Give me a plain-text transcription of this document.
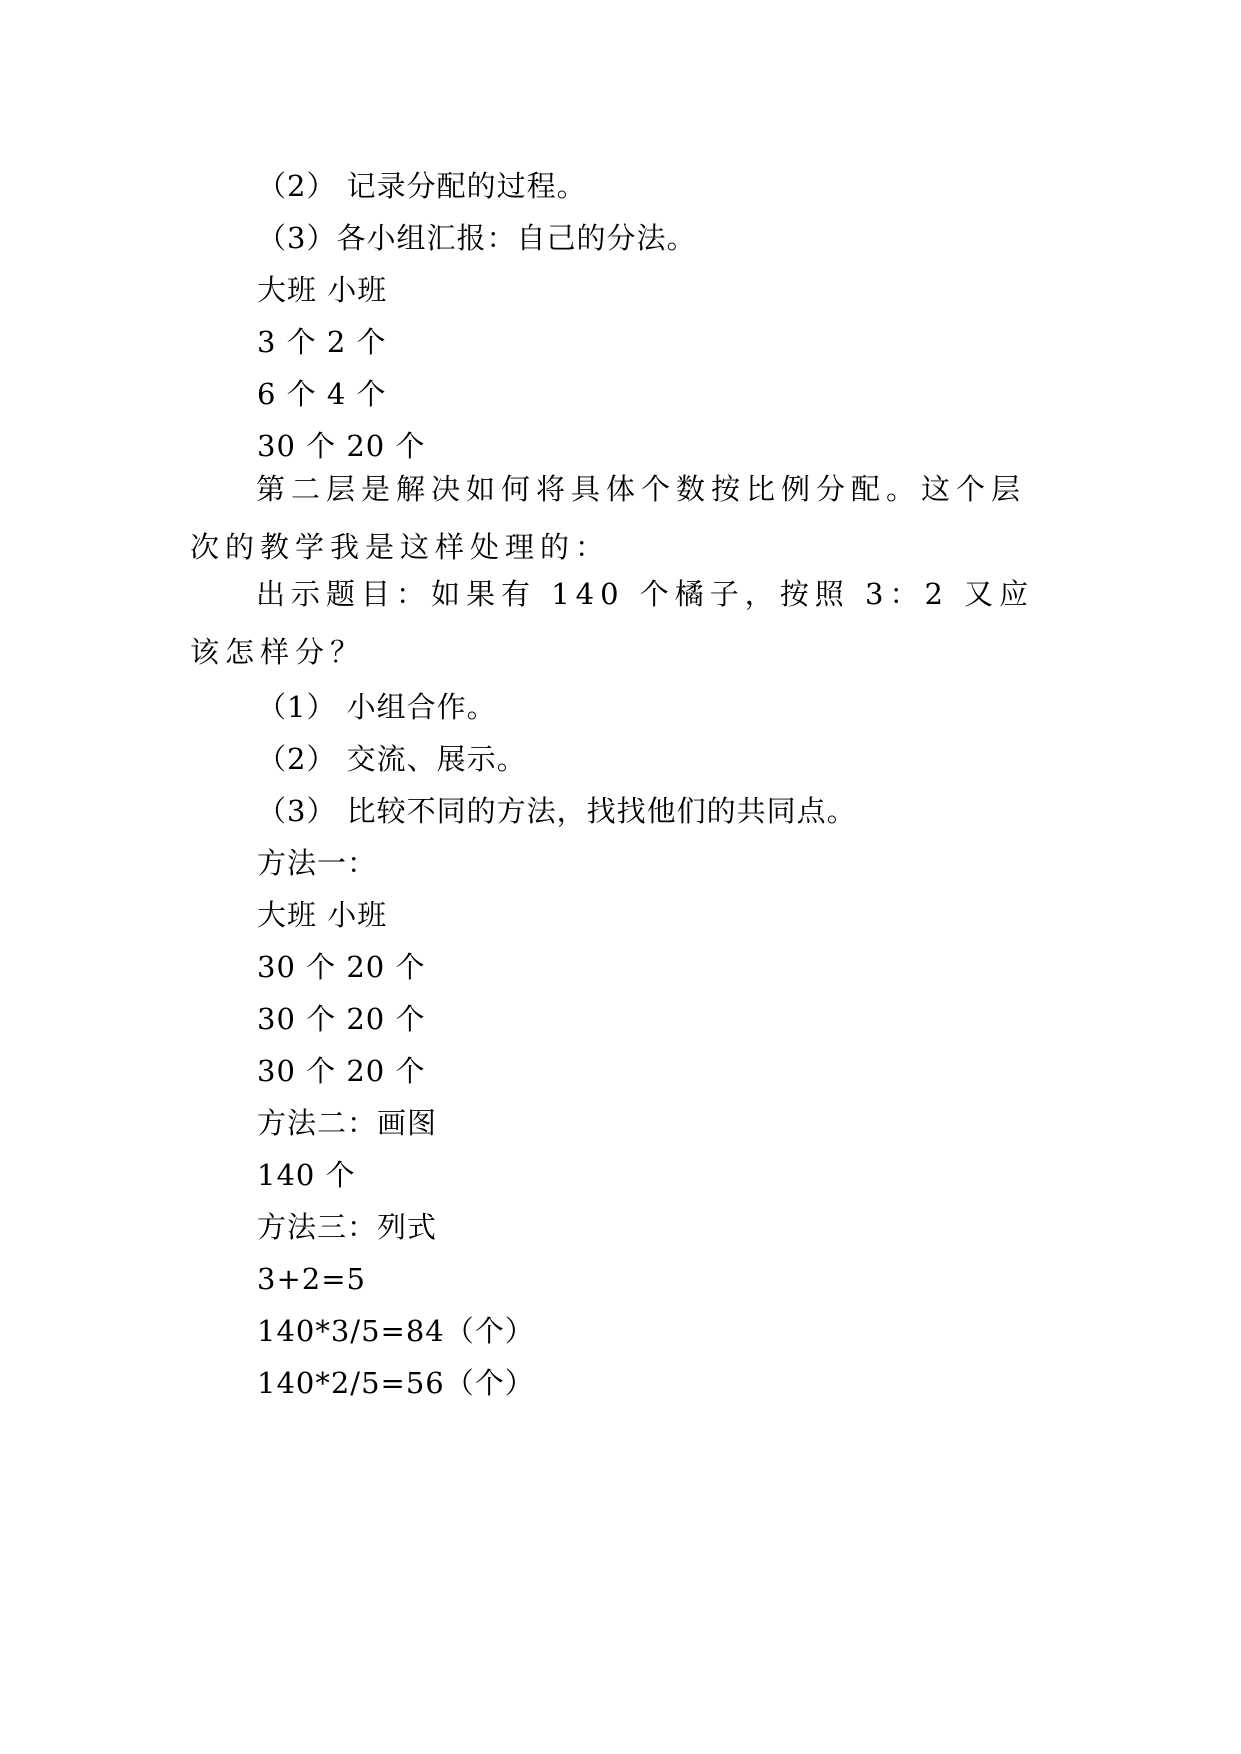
（2） 记录分配的过程。
（3）各小组汇报：自己的分法。
大班 小班
3 个 2 个
6 个 4 个
30 个 20 个
第二层是解决如何将具体个数按比例分配。这个层次的教学我是这样处理的：
出示题目：如果有 140 个橘子，按照 3：2 又应该怎样分？
（1） 小组合作。
（2） 交流、展示。
（3） 比较不同的方法，找找他们的共同点。
方法一：
大班 小班
30 个 20 个
30 个 20 个
30 个 20 个
方法二：画图
140 个
方法三：列式
3+2=5
140*3/5=84（个）
140*2/5=56（个）
